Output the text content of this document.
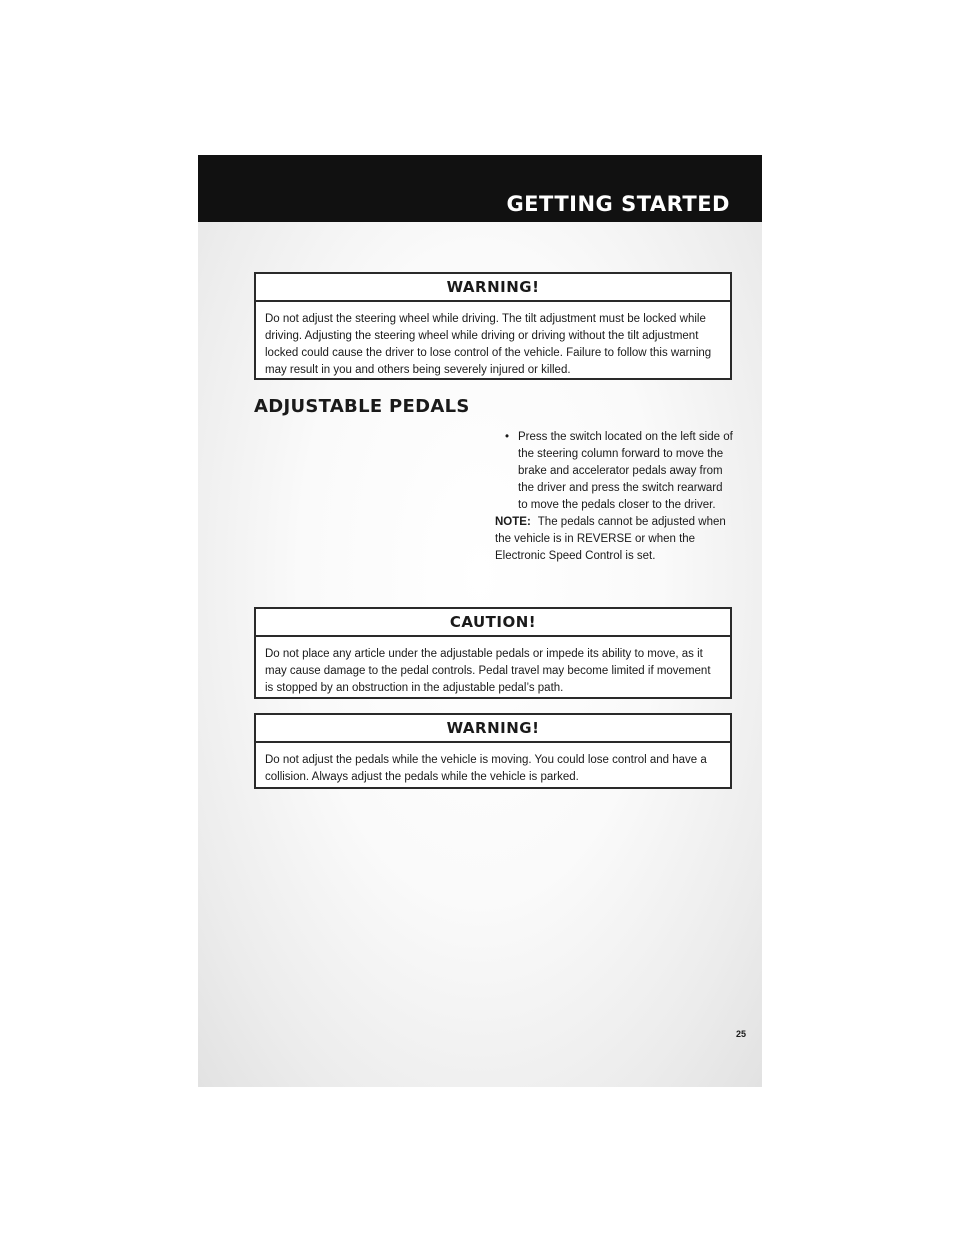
GETTING STARTED
WARNING!
Do not adjust the steering wheel while driving. The tilt adjustment must be locked while driving. Adjusting the steering wheel while driving or driving without the tilt adjustment locked could cause the driver to lose control of the vehicle. Failure to follow this warning may result in you and others being severely injured or killed.
ADJUSTABLE PEDALS
• Press the switch located on the left side of the steering column forward to move the brake and accelerator pedals away from the driver and press the switch rearward to move the pedals closer to the driver.
NOTE: The pedals cannot be adjusted when the vehicle is in REVERSE or when the Electronic Speed Control is set.
CAUTION!
Do not place any article under the adjustable pedals or impede its ability to move, as it may cause damage to the pedal controls. Pedal travel may become limited if movement is stopped by an obstruction in the adjustable pedal’s path.
WARNING!
Do not adjust the pedals while the vehicle is moving. You could lose control and have a collision. Always adjust the pedals while the vehicle is parked.
25
